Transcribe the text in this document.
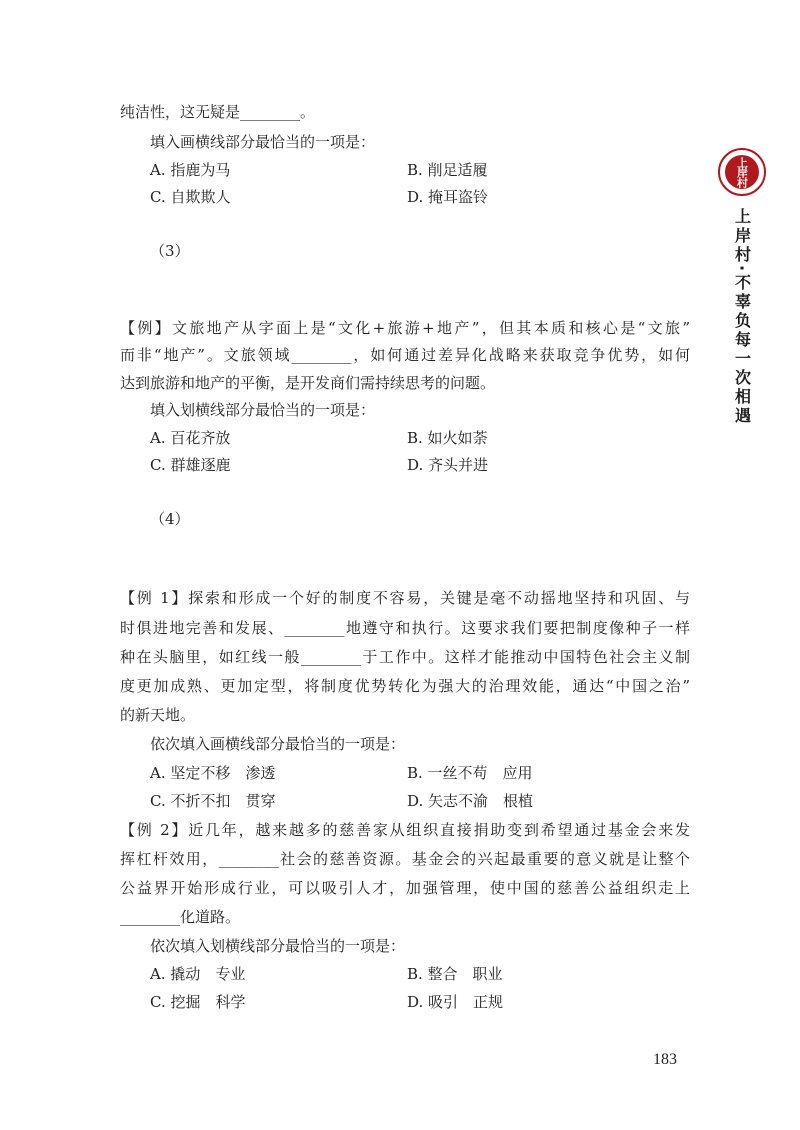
纯洁性，这无疑是________。
填入画横线部分最恰当的一项是：
A. 指鹿为马	B. 削足适履
C. 自欺欺人	D. 掩耳盗铃
（3）
【例】文旅地产从字面上是“文化+旅游+地产”，但其本质和核心是“文旅”
而非“地产”。文旅领域________，如何通过差异化战略来获取竞争优势，如何
达到旅游和地产的平衡，是开发商们需持续思考的问题。
填入划横线部分最恰当的一项是：
A. 百花齐放	B. 如火如荼
C. 群雄逐鹿	D. 齐头并进
（4）
【例 1】探索和形成一个好的制度不容易，关键是毫不动摇地坚持和巩固、与
时俱进地完善和发展、________地遵守和执行。这要求我们要把制度像种子一样
种在头脑里，如红线一般________于工作中。这样才能推动中国特色社会主义制
度更加成熟、更加定型，将制度优势转化为强大的治理效能，通达“中国之治”
的新天地。
依次填入画横线部分最恰当的一项是：
A. 坚定不移　渗透	B. 一丝不苟　应用
C. 不折不扣　贯穿	D. 矢志不渝　根植
【例 2】近几年，越来越多的慈善家从组织直接捐助变到希望通过基金会来发
挥杠杆效用，________社会的慈善资源。基金会的兴起最重要的意义就是让整个
公益界开始形成行业，可以吸引人才，加强管理，使中国的慈善公益组织走上
________化道路。
依次填入划横线部分最恰当的一项是：
A. 撬动　专业	B. 整合　职业
C. 挖掘　科学	D. 吸引　正规
上岸村
上岸村·不辜负每一次相遇
183
